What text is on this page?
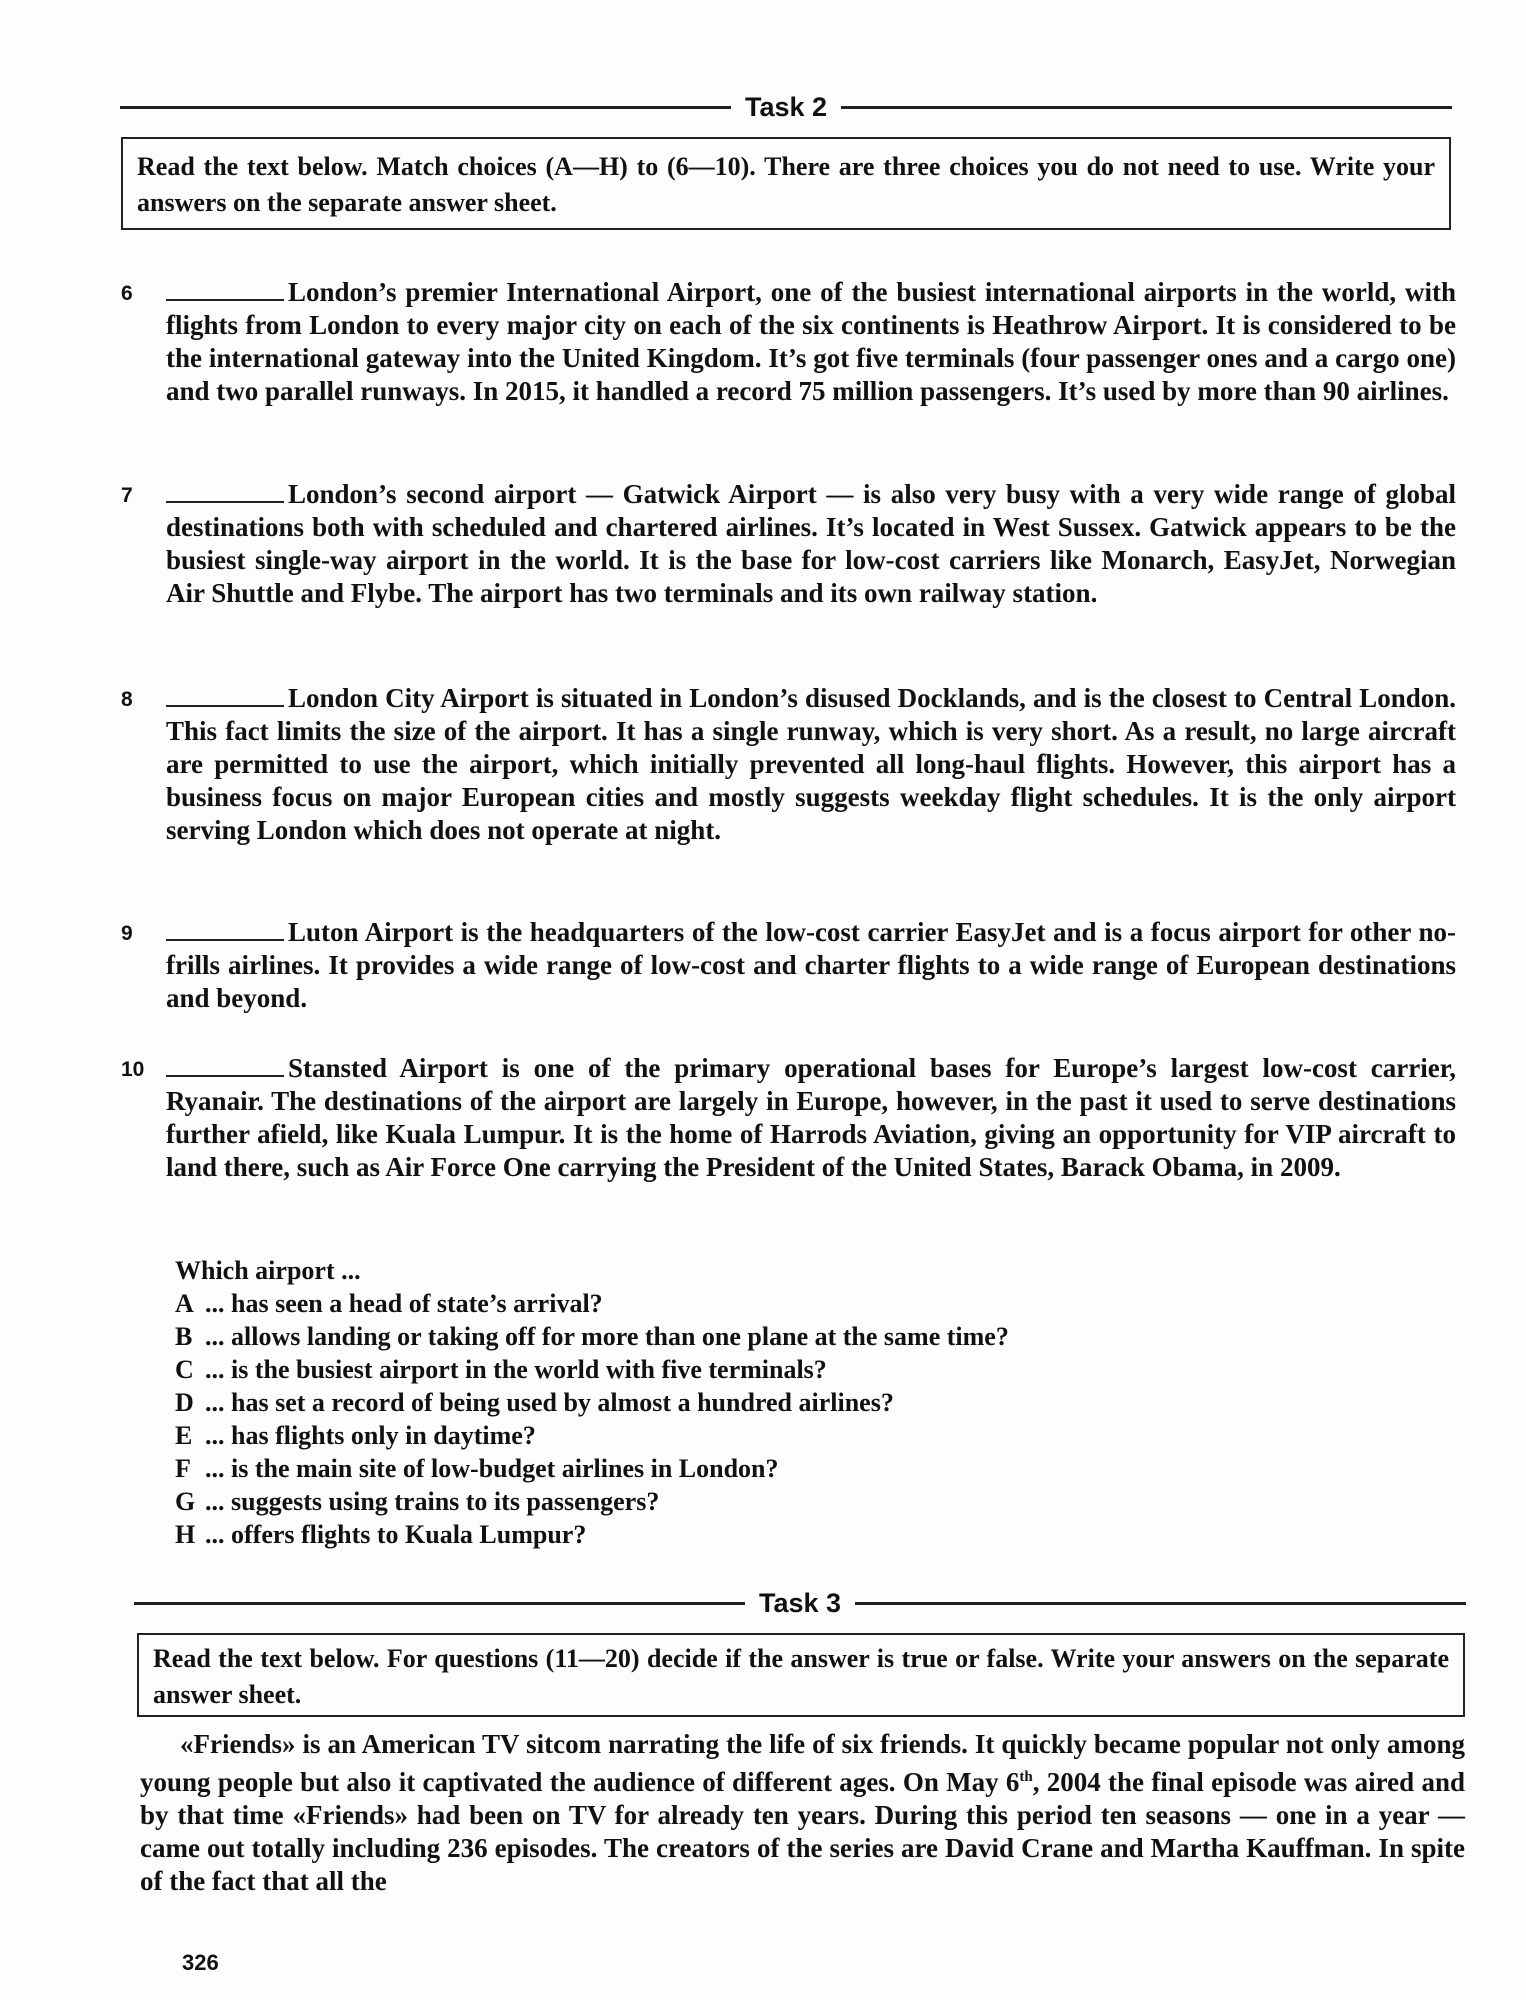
Task 2
Read the text below. Match choices (A—H) to (6—10). There are three choices you do not need to use. Write your answers on the separate answer sheet.
6	London’s premier International Airport, one of the busiest international airports in the world, with flights from London to every major city on each of the six continents is Heathrow Airport. It is considered to be the international gateway into the United Kingdom. It’s got five terminals (four passenger ones and a cargo one) and two parallel runways. In 2015, it handled a record 75 million passengers. It’s used by more than 90 airlines.
7	London’s second airport — Gatwick Airport — is also very busy with a very wide range of global destinations both with scheduled and chartered airlines. It’s located in West Sussex. Gatwick appears to be the busiest single-way airport in the world. It is the base for low-cost carriers like Monarch, EasyJet, Norwegian Air Shuttle and Flybe. The airport has two terminals and its own railway station.
8	London City Airport is situated in London’s disused Docklands, and is the closest to Central London. This fact limits the size of the airport. It has a single runway, which is very short. As a result, no large aircraft are permitted to use the airport, which initially prevented all long-haul flights. However, this airport has a business focus on major European cities and mostly suggests weekday flight schedules. It is the only airport serving London which does not operate at night.
9	Luton Airport is the headquarters of the low-cost carrier EasyJet and is a focus airport for other no-frills airlines. It provides a wide range of low-cost and charter flights to a wide range of European destinations and beyond.
10	Stansted Airport is one of the primary operational bases for Europe’s largest low-cost carrier, Ryanair. The destinations of the airport are largely in Europe, however, in the past it used to serve destinations further afield, like Kuala Lumpur. It is the home of Harrods Aviation, giving an opportunity for VIP aircraft to land there, such as Air Force One carrying the President of the United States, Barack Obama, in 2009.
Which airport ...
A ... has seen a head of state’s arrival?
B ... allows landing or taking off for more than one plane at the same time?
C ... is the busiest airport in the world with five terminals?
D ... has set a record of being used by almost a hundred airlines?
E ... has flights only in daytime?
F ... is the main site of low-budget airlines in London?
G ... suggests using trains to its passengers?
H ... offers flights to Kuala Lumpur?
Task 3
Read the text below. For questions (11—20) decide if the answer is true or false. Write your answers on the separate answer sheet.

«Friends» is an American TV sitcom narrating the life of six friends. It quickly became popular not only among young people but also it captivated the audience of different ages. On May 6th, 2004 the final episode was aired and by that time «Friends» had been on TV for already ten years. During this period ten seasons — one in a year — came out totally including 236 episodes. The creators of the series are David Crane and Martha Kauffman. In spite of the fact that all the

326
